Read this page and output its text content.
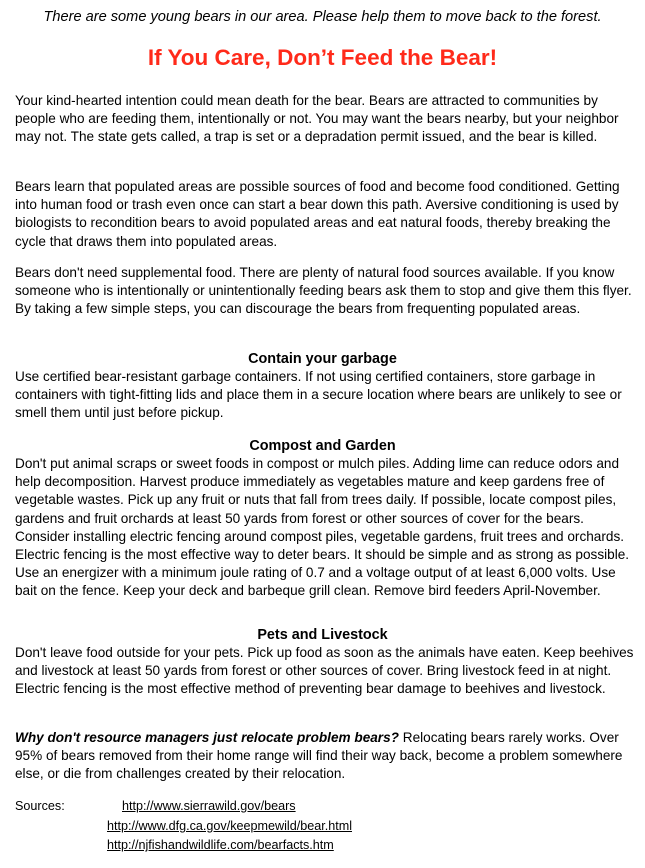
There are some young bears in our area. Please help them to move back to the forest.
If You Care, Don’t Feed the Bear!

Your kind-hearted intention could mean death for the bear. Bears are attracted to communities by people who are feeding them, intentionally or not. You may want the bears nearby, but your neighbor may not. The state gets called, a trap is set or a depradation permit issued, and the bear is killed.

Bears learn that populated areas are possible sources of food and become food conditioned. Getting into human food or trash even once can start a bear down this path. Aversive conditioning is used by biologists to recondition bears to avoid populated areas and eat natural foods, thereby breaking the cycle that draws them into populated areas.

Bears don't need supplemental food. There are plenty of natural food sources available. If you know someone who is intentionally or unintentionally feeding bears ask them to stop and give them this flyer. By taking a few simple steps, you can discourage the bears from frequenting populated areas.

Contain your garbage

Use certified bear-resistant garbage containers. If not using certified containers, store garbage in containers with tight-fitting lids and place them in a secure location where bears are unlikely to see or smell them until just before pickup.

Compost and Garden

Don't put animal scraps or sweet foods in compost or mulch piles. Adding lime can reduce odors and help decomposition. Harvest produce immediately as vegetables mature and keep gardens free of vegetable wastes. Pick up any fruit or nuts that fall from trees daily. If possible, locate compost piles, gardens and fruit orchards at least 50 yards from forest or other sources of cover for the bears. Consider installing electric fencing around compost piles, vegetable gardens, fruit trees and orchards. Electric fencing is the most effective way to deter bears. It should be simple and as strong as possible. Use an energizer with a minimum joule rating of 0.7 and a voltage output of at least 6,000 volts. Use bait on the fence. Keep your deck and barbeque grill clean. Remove bird feeders April-November.

Pets and Livestock

Don't leave food outside for your pets. Pick up food as soon as the animals have eaten. Keep beehives and livestock at least 50 yards from forest or other sources of cover. Bring livestock feed in at night. Electric fencing is the most effective method of preventing bear damage to beehives and livestock.

Why don't resource managers just relocate problem bears? Relocating bears rarely works. Over 95% of bears removed from their home range will find their way back, become a problem somewhere else, or die from challenges created by their relocation.

Sources:	http://www.sierrawild.gov/bears
http://www.dfg.ca.gov/keepmewild/bear.html
http://njfishandwildlife.com/bearfacts.htm
